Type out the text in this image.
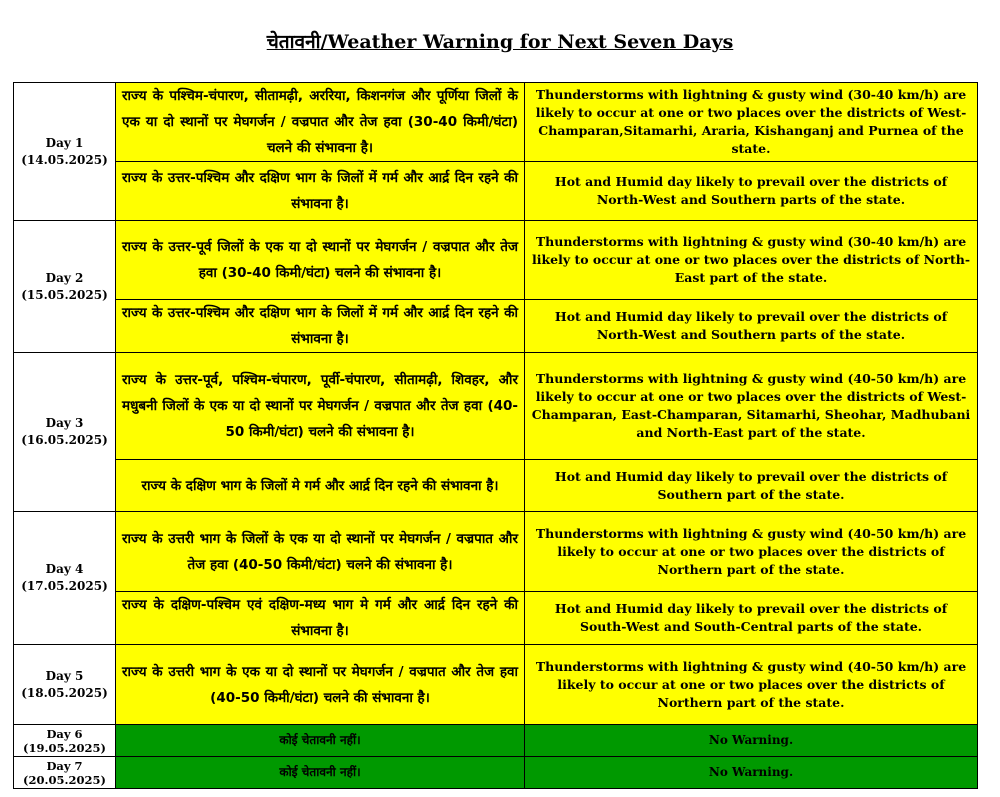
चेतावनी/Weather Warning for Next Seven Days
Day 1
(14.05.2025)	राज्य के पश्चिम-चंपारण, सीतामढ़ी, अररिया, किशनगंज और पूर्णिया जिलों के एक या दो स्थानों पर मेघगर्जन / वज्रपात और तेज हवा (30-40 किमी/घंटा) चलने की संभावना है।	Thunderstorms with lightning & gusty wind (30-40 km/h) are likely to occur at one or two places over the districts of West-Champaran,Sitamarhi, Araria, Kishanganj and Purnea of the state.
	राज्य के उत्तर-पश्चिम और दक्षिण भाग के जिलों में गर्म और आर्द्र दिन रहने की संभावना है।	Hot and Humid day likely to prevail over the districts of North-West and Southern parts of the state.

Day 2
(15.05.2025)	राज्य के उत्तर-पूर्व जिलों के एक या दो स्थानों पर मेघगर्जन / वज्रपात और तेज हवा (30-40 किमी/घंटा) चलने की संभावना है।	Thunderstorms with lightning & gusty wind (30-40 km/h) are likely to occur at one or two places over the districts of North-East part of the state.
	राज्य के उत्तर-पश्चिम और दक्षिण भाग के जिलों में गर्म और आर्द्र दिन रहने की संभावना है।	Hot and Humid day likely to prevail over the districts of North-West and Southern parts of the state.

Day 3
(16.05.2025)	राज्य के उत्तर-पूर्व, पश्चिम-चंपारण, पूर्वी-चंपारण, सीतामढ़ी, शिवहर, और मधुबनी जिलों के एक या दो स्थानों पर मेघगर्जन / वज्रपात और तेज हवा (40-50 किमी/घंटा) चलने की संभावना है।	Thunderstorms with lightning & gusty wind (40-50 km/h) are likely to occur at one or two places over the districts of West-Champaran, East-Champaran, Sitamarhi, Sheohar, Madhubani and North-East part of the state.
	राज्य के दक्षिण भाग के जिलों मे गर्म और आर्द्र दिन रहने की संभावना है।	Hot and Humid day likely to prevail over the districts of Southern part of the state.

Day 4
(17.05.2025)	राज्य के उत्तरी भाग के जिलों के एक या दो स्थानों पर मेघगर्जन / वज्रपात और तेज हवा (40-50 किमी/घंटा) चलने की संभावना है।	Thunderstorms with lightning & gusty wind (40-50 km/h) are likely to occur at one or two places over the districts of Northern part of the state.
	राज्य के दक्षिण-पश्चिम एवं दक्षिण-मध्य भाग मे गर्म और आर्द्र दिन रहने की संभावना है।	Hot and Humid day likely to prevail over the districts of South-West and South-Central parts of the state.

Day 5
(18.05.2025)	राज्य के उत्तरी भाग के एक या दो स्थानों पर मेघगर्जन / वज्रपात और तेज हवा (40-50 किमी/घंटा) चलने की संभावना है।	Thunderstorms with lightning & gusty wind (40-50 km/h) are likely to occur at one or two places over the districts of Northern part of the state.

Day 6
(19.05.2025)	कोई चेतावनी नहीं।	No Warning.

Day 7
(20.05.2025)	कोई चेतावनी नहीं।	No Warning.
